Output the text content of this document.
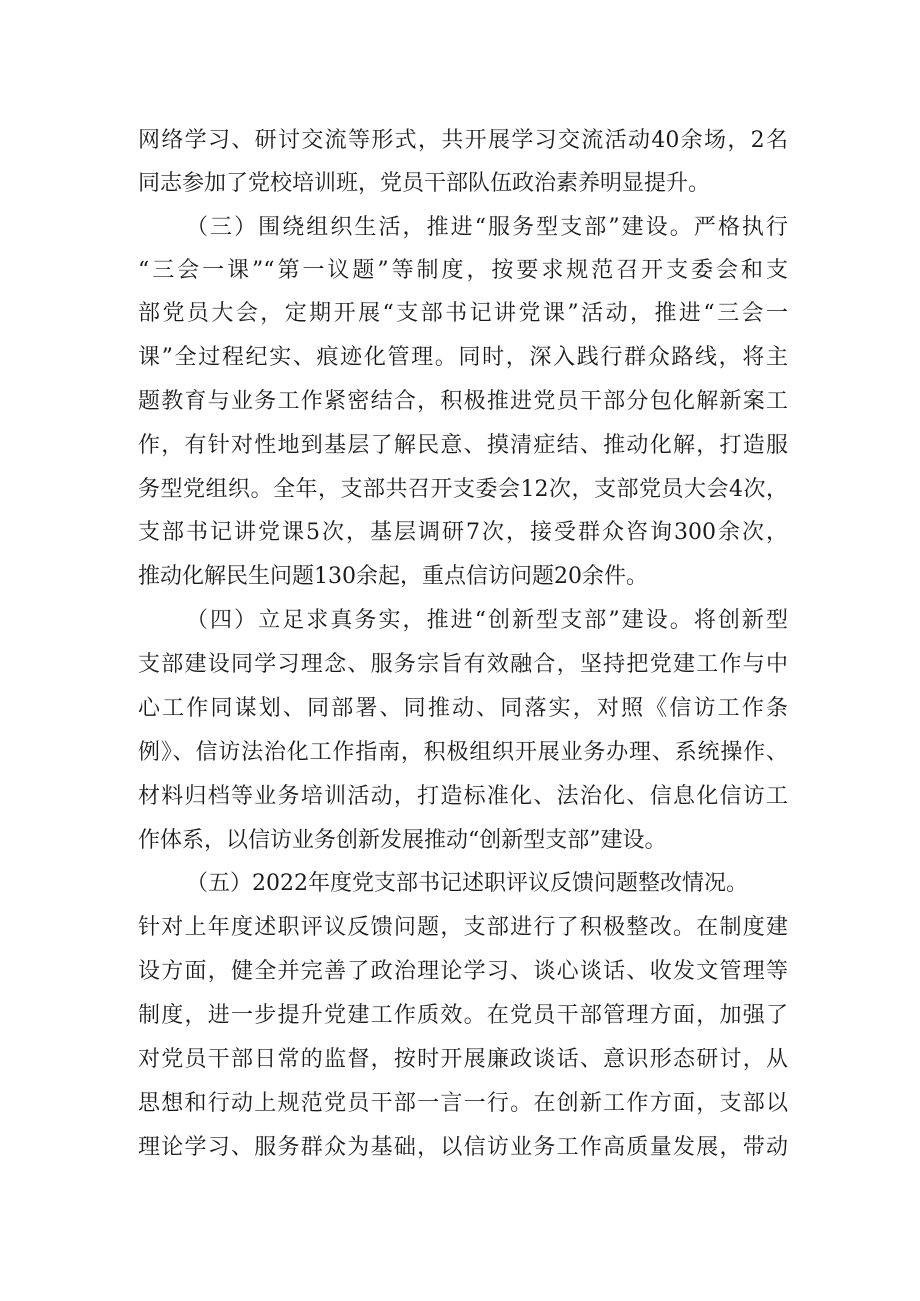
网络学习、研讨交流等形式，共开展学习交流活动40余场，2名
同志参加了党校培训班，党员干部队伍政治素养明显提升。
（三）围绕组织生活，推进“服务型支部”建设。严格执行
“三会一课”“第一议题”等制度，按要求规范召开支委会和支
部党员大会，定期开展“支部书记讲党课”活动，推进“三会一
课”全过程纪实、痕迹化管理。同时，深入践行群众路线，将主
题教育与业务工作紧密结合，积极推进党员干部分包化解新案工
作，有针对性地到基层了解民意、摸清症结、推动化解，打造服
务型党组织。全年，支部共召开支委会12次，支部党员大会4次，
支部书记讲党课5次，基层调研7次，接受群众咨询300余次，
推动化解民生问题130余起，重点信访问题20余件。
（四）立足求真务实，推进“创新型支部”建设。将创新型
支部建设同学习理念、服务宗旨有效融合，坚持把党建工作与中
心工作同谋划、同部署、同推动、同落实，对照《信访工作条
例》、信访法治化工作指南，积极组织开展业务办理、系统操作、
材料归档等业务培训活动，打造标准化、法治化、信息化信访工
作体系，以信访业务创新发展推动“创新型支部”建设。
（五）2022年度党支部书记述职评议反馈问题整改情况。
针对上年度述职评议反馈问题，支部进行了积极整改。在制度建
设方面，健全并完善了政治理论学习、谈心谈话、收发文管理等
制度，进一步提升党建工作质效。在党员干部管理方面，加强了
对党员干部日常的监督，按时开展廉政谈话、意识形态研讨，从
思想和行动上规范党员干部一言一行。在创新工作方面，支部以
理论学习、服务群众为基础，以信访业务工作高质量发展，带动
